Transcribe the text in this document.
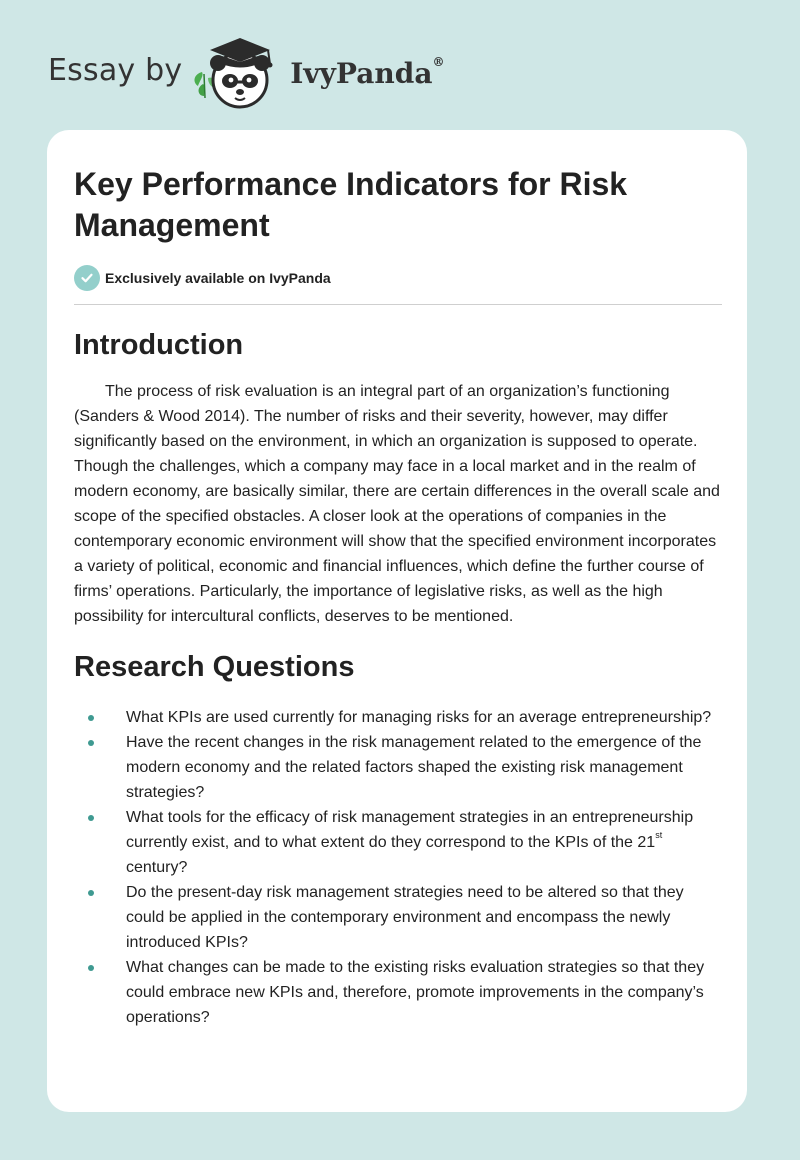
Essay by	IvyPanda®
Key Performance Indicators for Risk Management
Exclusively available on IvyPanda
Introduction

The process of risk evaluation is an integral part of an organization’s functioning (Sanders & Wood 2014). The number of risks and their severity, however, may differ significantly based on the environment, in which an organization is supposed to operate. Though the challenges, which a company may face in a local market and in the realm of modern economy, are basically similar, there are certain differences in the overall scale and scope of the specified obstacles. A closer look at the operations of companies in the contemporary economic environment will show that the specified environment incorporates a variety of political, economic and financial influences, which define the further course of firms’ operations. Particularly, the importance of legislative risks, as well as the high possibility for intercultural conflicts, deserves to be mentioned.

Research Questions
What KPIs are used currently for managing risks for an average entrepreneurship?
Have the recent changes in the risk management related to the emergence of the modern economy and the related factors shaped the existing risk management strategies?
What tools for the efficacy of risk management strategies in an entrepreneurship currently exist, and to what extent do they correspond to the KPIs of the 21st century?
Do the present-day risk management strategies need to be altered so that they could be applied in the contemporary environment and encompass the newly introduced KPIs?
What changes can be made to the existing risks evaluation strategies so that they could embrace new KPIs and, therefore, promote improvements in the company’s operations?
